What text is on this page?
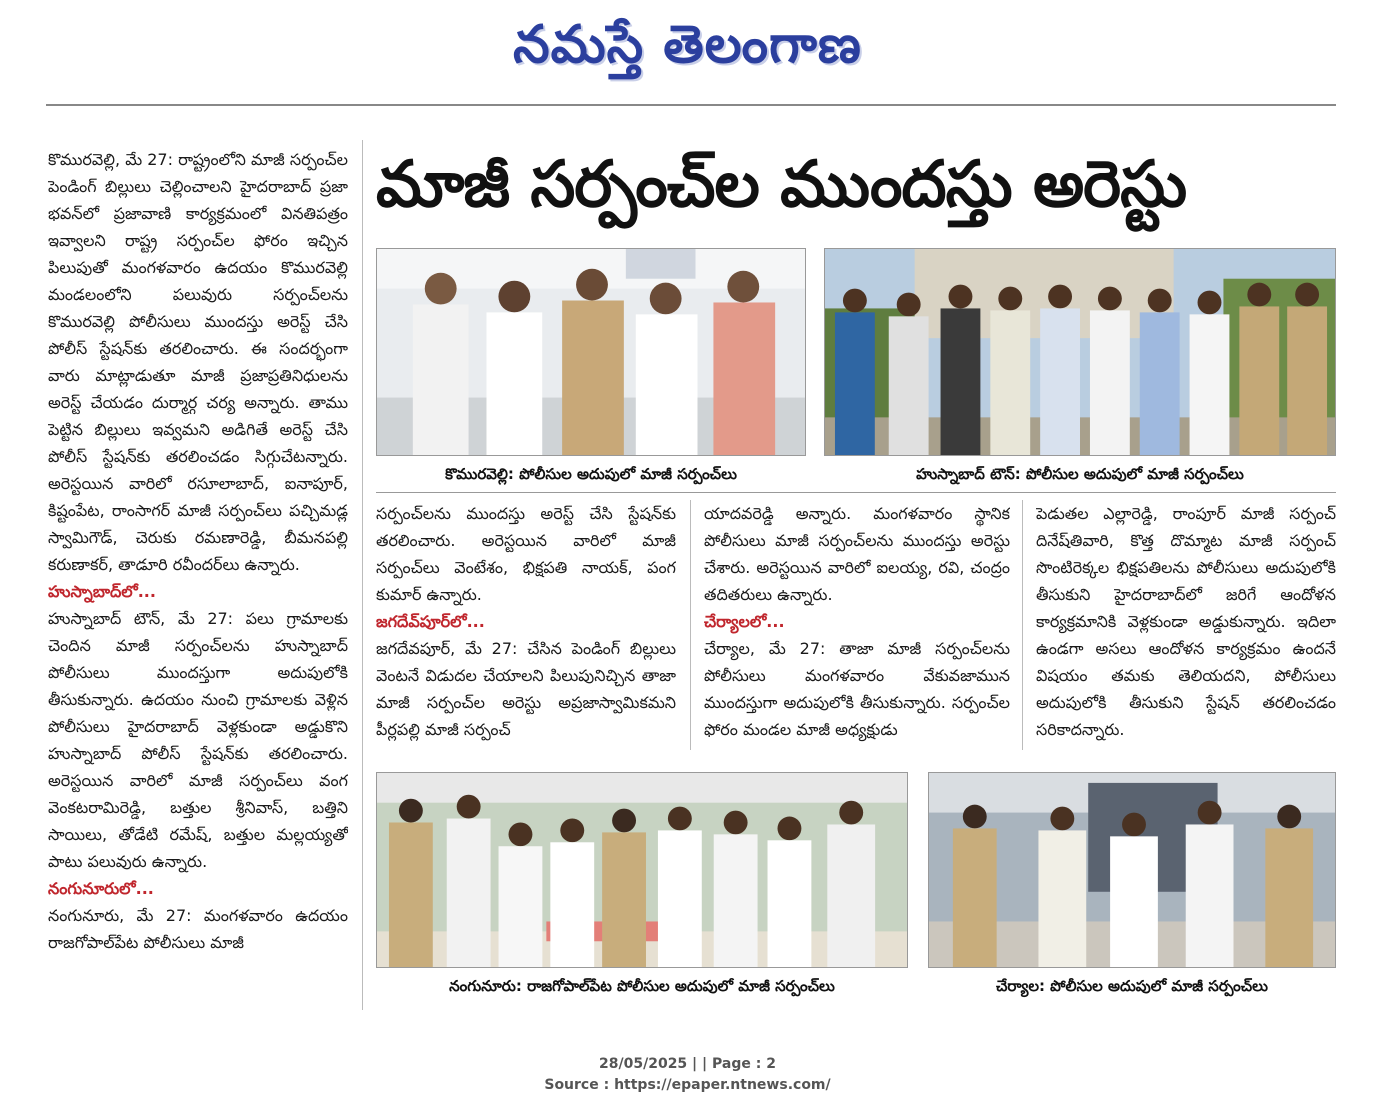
నమస్తే తెలంగాణ
మాజీ సర్పంచ్‌ల ముందస్తు అరెస్టు

కొమురవెల్లి, మే 27: రాష్ట్రంలోని మాజీ సర్పంచ్‌ల పెండింగ్ బిల్లులు చెల్లించాలని హైదరాబాద్ ప్రజా భవన్‌లో ప్రజావాణి కార్యక్రమంలో వినతిపత్రం ఇవ్వాలని రాష్ట్ర సర్పంచ్‌ల ఫోరం ఇచ్చిన పిలుపుతో మంగళవారం ఉదయం కొమురవెల్లి మండలంలోని పలువురు సర్పంచ్‌లను కొమురవెల్లి పోలీసులు ముందస్తు అరెస్ట్ చేసి పోలీస్ స్టేషన్‌కు తరలించారు. ఈ సందర్భంగా వారు మాట్లాడుతూ మాజీ ప్రజాప్రతినిధులను అరెస్ట్ చేయడం దుర్మార్గ చర్య అన్నారు. తాము పెట్టిన బిల్లులు ఇవ్వమని అడిగితే అరెస్ట్ చేసి పోలీస్ స్టేషన్‌కు తరలించడం సిగ్గుచేటన్నారు. అరెస్టయిన వారిలో రసూలాబాద్, ఐనాపూర్, కిష్టంపేట, రాంసాగర్ మాజీ సర్పంచ్‌లు పచ్చిమడ్ల స్వామిగౌడ్, చెరుకు రమణారెడ్డి, బీమనపల్లి కరుణాకర్, తాడూరి రవీందర్‌లు ఉన్నారు.

హుస్నాబాద్‌లో...

హుస్నాబాద్ టౌన్, మే 27: పలు గ్రామాలకు చెందిన మాజీ సర్పంచ్‌లను హుస్నాబాద్ పోలీసులు ముందస్తుగా అదుపులోకి తీసుకున్నారు. ఉదయం నుంచి గ్రామాలకు వెళ్లిన పోలీసులు హైదరాబాద్ వెళ్లకుండా అడ్డుకొని హుస్నాబాద్ పోలీస్ స్టేషన్‌కు తరలించారు. అరెస్టయిన వారిలో మాజీ సర్పంచ్‌లు వంగ వెంకటరామిరెడ్డి, బత్తుల శ్రీనివాస్, బత్తిని సాయిలు, తోడేటి రమేష్, బత్తుల మల్లయ్యతో పాటు పలువురు ఉన్నారు.

నంగునూరులో...

నంగునూరు, మే 27: మంగళవారం ఉదయం రాజగోపాల్‌పేట పోలీసులు మాజీ

కొమురవెల్లి: పోలీసుల అదుపులో మాజీ సర్పంచ్‌లు	హుస్నాబాద్ టౌన్: పోలీసుల అదుపులో మాజీ సర్పంచ్‌లు

సర్పంచ్‌లను ముందస్తు అరెస్ట్ చేసి స్టేషన్‌కు తరలించారు. అరెస్టయిన వారిలో మాజీ సర్పంచ్‌లు వెంటేశం, భిక్షపతి నాయక్, పంగ కుమార్ ఉన్నారు.

జగదేవ్‌పూర్‌లో...

జగదేవపూర్, మే 27: చేసిన పెండింగ్ బిల్లులు వెంటనే విడుదల చేయాలని పిలుపునిచ్చిన తాజా మాజీ సర్పంచ్‌ల అరెస్టు అప్రజాస్వామికమని పీర్లపల్లి మాజీ సర్పంచ్

యాదవరెడ్డి అన్నారు. మంగళవారం స్థానిక పోలీసులు మాజీ సర్పంచ్‌లను ముందస్తు అరెస్టు చేశారు. అరెస్టయిన వారిలో ఐలయ్య, రవి, చంద్రం తదితరులు ఉన్నారు.

చేర్యాలలో...

చేర్యాల, మే 27: తాజా మాజీ సర్పంచ్‌లను పోలీసులు మంగళవారం వేకువజామున ముందస్తుగా అదుపులోకి తీసుకున్నారు. సర్పంచ్‌ల ఫోరం మండల మాజీ అధ్యక్షుడు

పెడుతల ఎల్లారెడ్డి, రాంపూర్ మాజీ సర్పంచ్ దినేష్‌తివారి, కొత్త దొమ్మాట మాజీ సర్పంచ్ సొంటిరెక్కల భిక్షపతిలను పోలీసులు అదుపులోకి తీసుకుని హైదరాబాద్‌లో జరిగే ఆందోళన కార్యక్రమానికి వెళ్లకుండా అడ్డుకున్నారు. ఇదిలా ఉండగా అసలు ఆందోళన కార్యక్రమం ఉందనే విషయం తమకు తెలియదని, పోలీసులు అదుపులోకి తీసుకుని స్టేషన్ తరలించడం సరికాదన్నారు.

నంగునూరు: రాజగోపాల్‌పేట పోలీసుల అదుపులో మాజీ సర్పంచ్‌లు	చేర్యాల: పోలీసుల అదుపులో మాజీ సర్పంచ్‌లు
28/05/2025 | | Page : 2
Source : https://epaper.ntnews.com/
